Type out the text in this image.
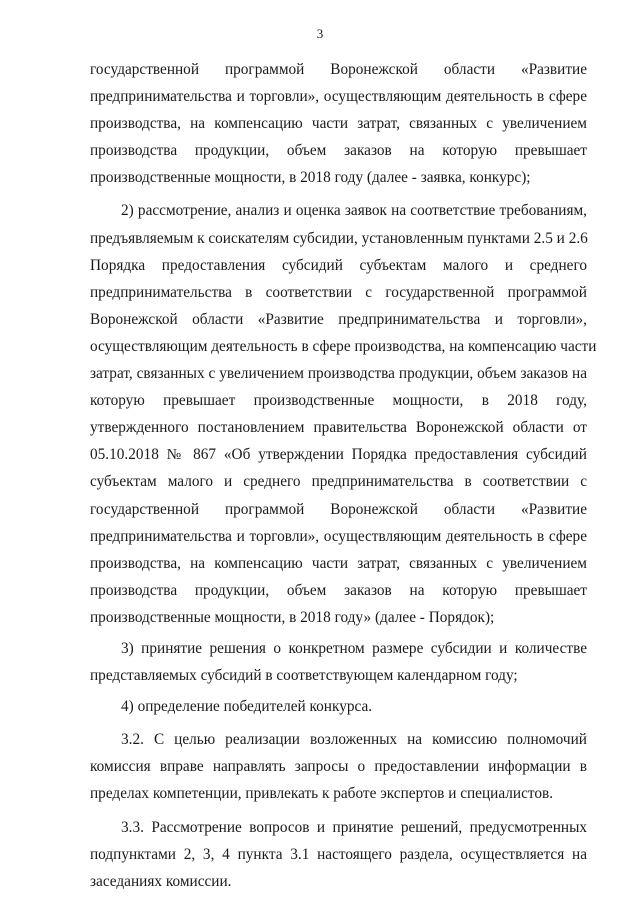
3
государственной программой Воронежской области «Развитие
предпринимательства и торговли», осуществляющим деятельность в сфере
производства, на компенсацию части затрат, связанных с увеличением
производства продукции, объем заказов на которую превышает
производственные мощности, в 2018 году (далее - заявка, конкурс);
2) рассмотрение, анализ и оценка заявок на соответствие требованиям,
предъявляемым к соискателям субсидии, установленным пунктами 2.5 и 2.6
Порядка предоставления субсидий субъектам малого и среднего
предпринимательства в соответствии с государственной программой
Воронежской области «Развитие предпринимательства и торговли»,
осуществляющим деятельность в сфере производства, на компенсацию части
затрат, связанных с увеличением производства продукции, объем заказов на
которую превышает производственные мощности, в 2018 году,
утвержденного постановлением правительства Воронежской области от
05.10.2018 № 867 «Об утверждении Порядка предоставления субсидий
субъектам малого и среднего предпринимательства в соответствии с
государственной программой Воронежской области «Развитие
предпринимательства и торговли», осуществляющим деятельность в сфере
производства, на компенсацию части затрат, связанных с увеличением
производства продукции, объем заказов на которую превышает
производственные мощности, в 2018 году» (далее - Порядок);
3) принятие решения о конкретном размере субсидии и количестве
представляемых субсидий в соответствующем календарном году;
4) определение победителей конкурса.
3.2. С целью реализации возложенных на комиссию полномочий
комиссия вправе направлять запросы о предоставлении информации в
пределах компетенции, привлекать к работе экспертов и специалистов.
3.3. Рассмотрение вопросов и принятие решений, предусмотренных
подпунктами 2, 3, 4 пункта 3.1 настоящего раздела, осуществляется на
заседаниях комиссии.
